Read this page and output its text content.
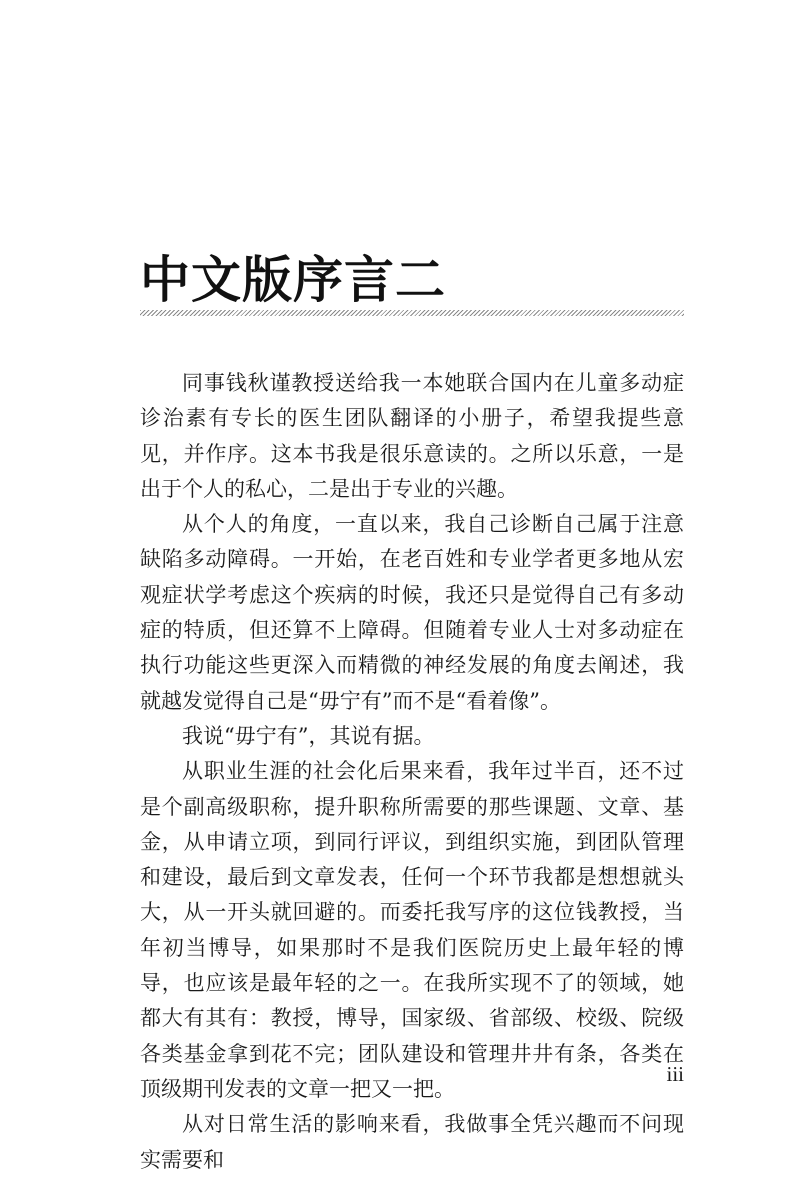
中文版序言二

同事钱秋谨教授送给我一本她联合国内在儿童多动症诊治素有专长的医生团队翻译的小册子，希望我提些意见，并作序。这本书我是很乐意读的。之所以乐意，一是出于个人的私心，二是出于专业的兴趣。

从个人的角度，一直以来，我自己诊断自己属于注意缺陷多动障碍。一开始，在老百姓和专业学者更多地从宏观症状学考虑这个疾病的时候，我还只是觉得自己有多动症的特质，但还算不上障碍。但随着专业人士对多动症在执行功能这些更深入而精微的神经发展的角度去阐述，我就越发觉得自己是“毋宁有”而不是“看着像”。

我说“毋宁有”，其说有据。

从职业生涯的社会化后果来看，我年过半百，还不过是个副高级职称，提升职称所需要的那些课题、文章、基金，从申请立项，到同行评议，到组织实施，到团队管理和建设，最后到文章发表，任何一个环节我都是想想就头大，从一开头就回避的。而委托我写序的这位钱教授，当年初当博导，如果那时不是我们医院历史上最年轻的博导，也应该是最年轻的之一。在我所实现不了的领域，她都大有其有：教授，博导，国家级、省部级、校级、院级各类基金拿到花不完；团队建设和管理井井有条，各类在顶级期刊发表的文章一把又一把。

从对日常生活的影响来看，我做事全凭兴趣而不问现实需要和

iii
